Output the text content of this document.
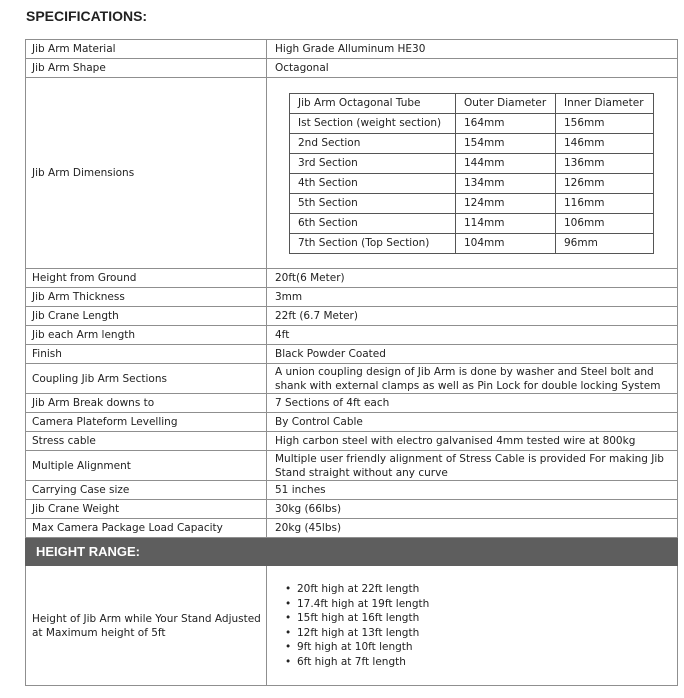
SPECIFICATIONS:
Jib Arm Material	High Grade Alluminum HE30
Jib Arm Shape	Octagonal
Jib Arm Dimensions	
Jib Arm Octagonal Tube	Outer Diameter	Inner Diameter
Ist Section (weight section)	164mm	156mm
2nd Section	154mm	146mm
3rd Section	144mm	136mm
4th Section	134mm	126mm
5th Section	124mm	116mm
6th Section	114mm	106mm
7th Section (Top Section)	104mm	96mm

Height from Ground	20ft(6 Meter)
Jib Arm Thickness	3mm
Jib Crane Length	22ft (6.7 Meter)
Jib each Arm length	4ft
Finish	Black Powder Coated
Coupling Jib Arm Sections	A union coupling design of Jib Arm is done by washer and Steel bolt and shank with external clamps as well as Pin Lock for double locking System
Jib Arm Break downs to	7 Sections of 4ft each
Camera Plateform Levelling	By Control Cable
Stress cable	High carbon steel with electro galvanised 4mm tested wire at 800kg
Multiple Alignment	Multiple user friendly alignment of Stress Cable is provided For making Jib Stand straight without any curve
Carrying Case size	51 inches
Jib Crane Weight	30kg (66lbs)
Max Camera Package Load Capacity	20kg (45lbs)
HEIGHT RANGE:
Height of Jib Arm while Your Stand Adjusted at Maximum height of 5ft	
• 20ft high at 22ft length
• 17.4ft high at 19ft length
• 15ft high at 16ft length
• 12ft high at 13ft length
• 9ft high at 10ft length
• 6ft high at 7ft length
